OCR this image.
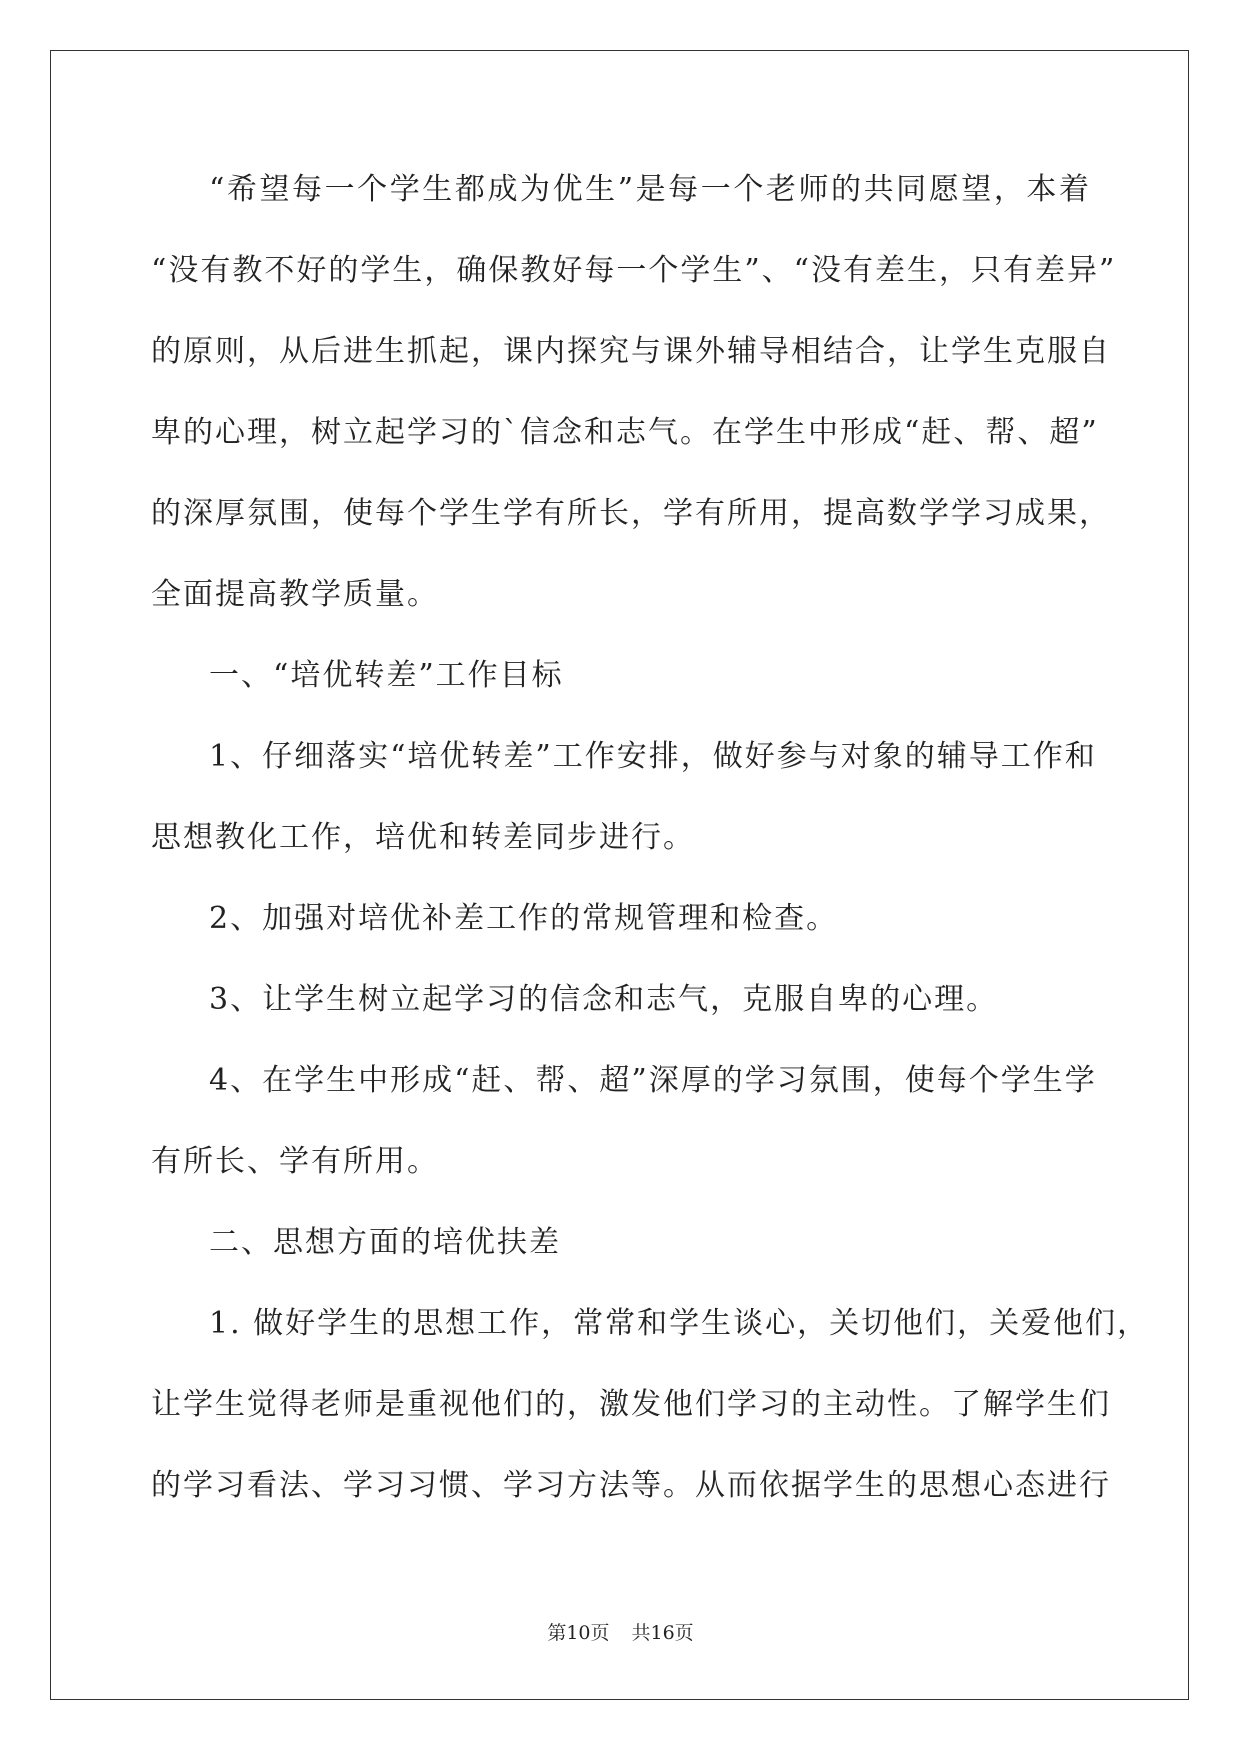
“希望每一个学生都成为优生”是每一个老师的共同愿望，本着
“没有教不好的学生，确保教好每一个学生”、“没有差生，只有差异”
的原则，从后进生抓起，课内探究与课外辅导相结合，让学生克服自
卑的心理，树立起学习的`信念和志气。在学生中形成“赶、帮、超”
的深厚氛围，使每个学生学有所长，学有所用，提高数学学习成果，
全面提高教学质量。
一、“培优转差”工作目标
1、仔细落实“培优转差”工作安排，做好参与对象的辅导工作和
思想教化工作，培优和转差同步进行。
2、加强对培优补差工作的常规管理和检查。
3、让学生树立起学习的信念和志气，克服自卑的心理。
4、在学生中形成“赶、帮、超”深厚的学习氛围，使每个学生学
有所长、学有所用。
二、思想方面的培优扶差
1. 做好学生的思想工作，常常和学生谈心，关切他们，关爱他们，
让学生觉得老师是重视他们的，激发他们学习的主动性。了解学生们
的学习看法、学习习惯、学习方法等。从而依据学生的思想心态进行
第10页 共16页
